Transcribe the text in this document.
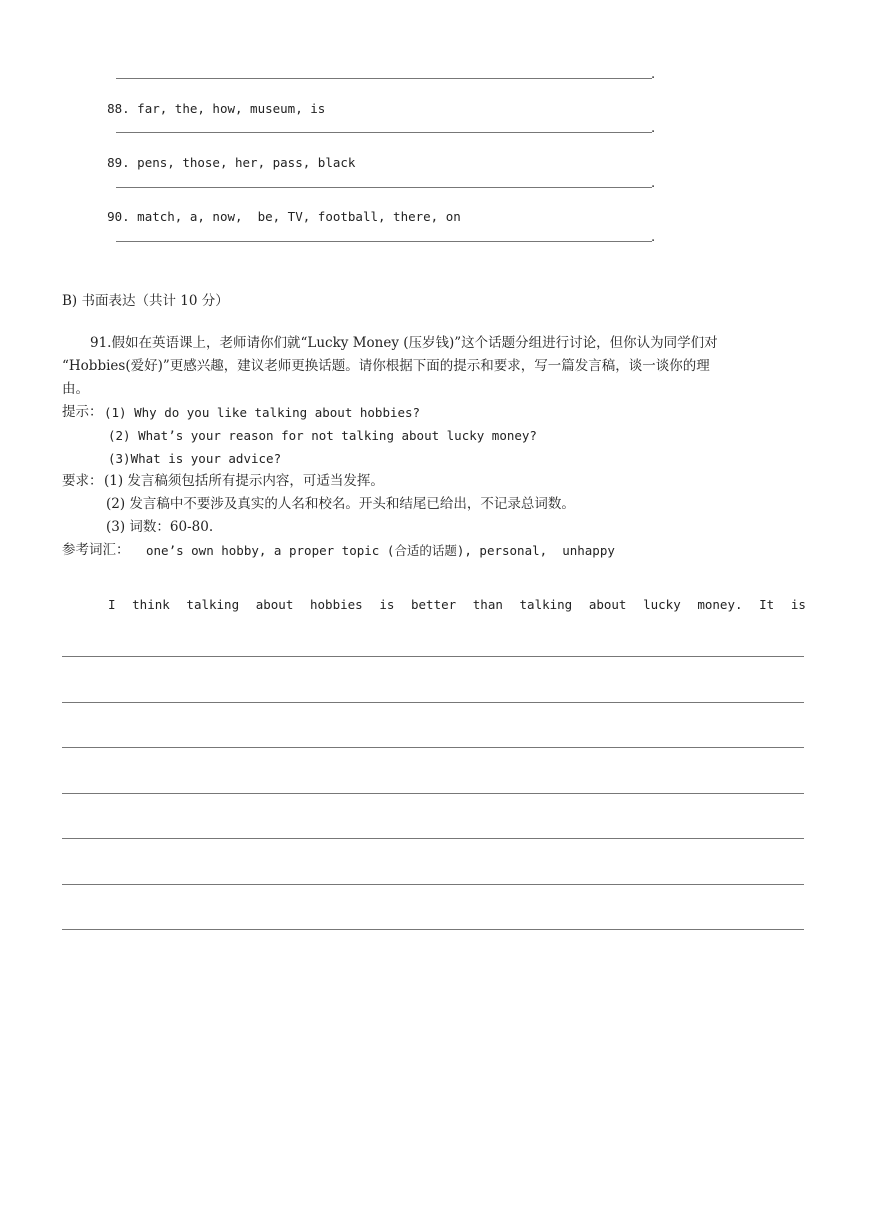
.

88. far, the, how, museum, is

.

89. pens, those, her, pass, black

.

90. match, a, now,  be, TV, football, there, on

.
B) 书面表达（共计 10 分）
91.假如在英语课上，老师请你们就“Lucky Money (压岁钱)”这个话题分组进行讨论，但你认为同学们对
“Hobbies(爱好)”更感兴趣，建议老师更换话题。请你根据下面的提示和要求，写一篇发言稿，谈一谈你的理
由。
提示： (1) Why do you like talking about hobbies?
(2) What’s your reason for not talking about lucky money?
(3)What is your advice?
要求： (1) 发言稿须包括所有提示内容，可适当发挥。
(2) 发言稿中不要涉及真实的人名和校名。开头和结尾已给出，不记录总词数。
(3) 词数：60-80.
参考词汇： one’s own hobby, a proper topic (合适的话题), personal,  unhappy
I think talking about hobbies is better than talking about lucky money. It is
